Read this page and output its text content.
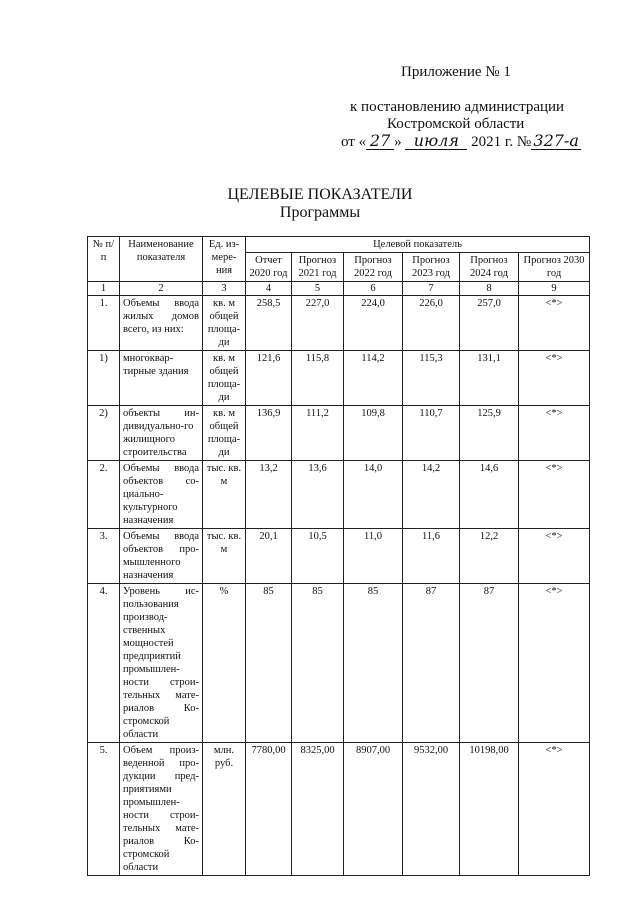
Приложение № 1
к постановлению администрации
Костромской области
от « 27 » июля 2021 г. № 327-а
ЦЕЛЕВЫЕ ПОКАЗАТЕЛИ
Программы
№ п/п	Наименование показателя	Ед. из-мере-ния	Целевой показатель					
			Отчет 2020 год	Прогноз 2021 год	Прогноз 2022 год	Прогноз 2023 год	Прогноз 2024 год	Прогноз 2030 год
1	2	3	4	5	6	7	8	9
1.	Объемы ввода жилых домов всего, из них:	кв. м общей площа-ди	258,5	227,0	224,0	226,0	257,0	<*>
1)	многоквар-тирные здания	кв. м общей площа-ди	121,6	115,8	114,2	115,3	131,1	<*>
2)	объекты ин-дивидуально-го жилищного строительства	кв. м общей площа-ди	136,9	111,2	109,8	110,7	125,9	<*>
2.	Объемы ввода объектов со-циально-культурного назначения	тыс. кв. м	13,2	13,6	14,0	14,2	14,6	<*>
3.	Объемы ввода объектов про-мышленного назначения	тыс. кв. м	20,1	10,5	11,0	11,6	12,2	<*>
4.	Уровень ис-пользования производ-ственных мощностей предприятий промышлен-ности строи-тельных мате-риалов Ко-стромской области	%	85	85	85	87	87	<*>
5.	Объем произ-веденной про-дукции пред-приятиями промышлен-ности строи-тельных мате-риалов Ко-стромской области	млн. руб.	7780,00	8325,00	8907,00	9532,00	10198,00	<*>
